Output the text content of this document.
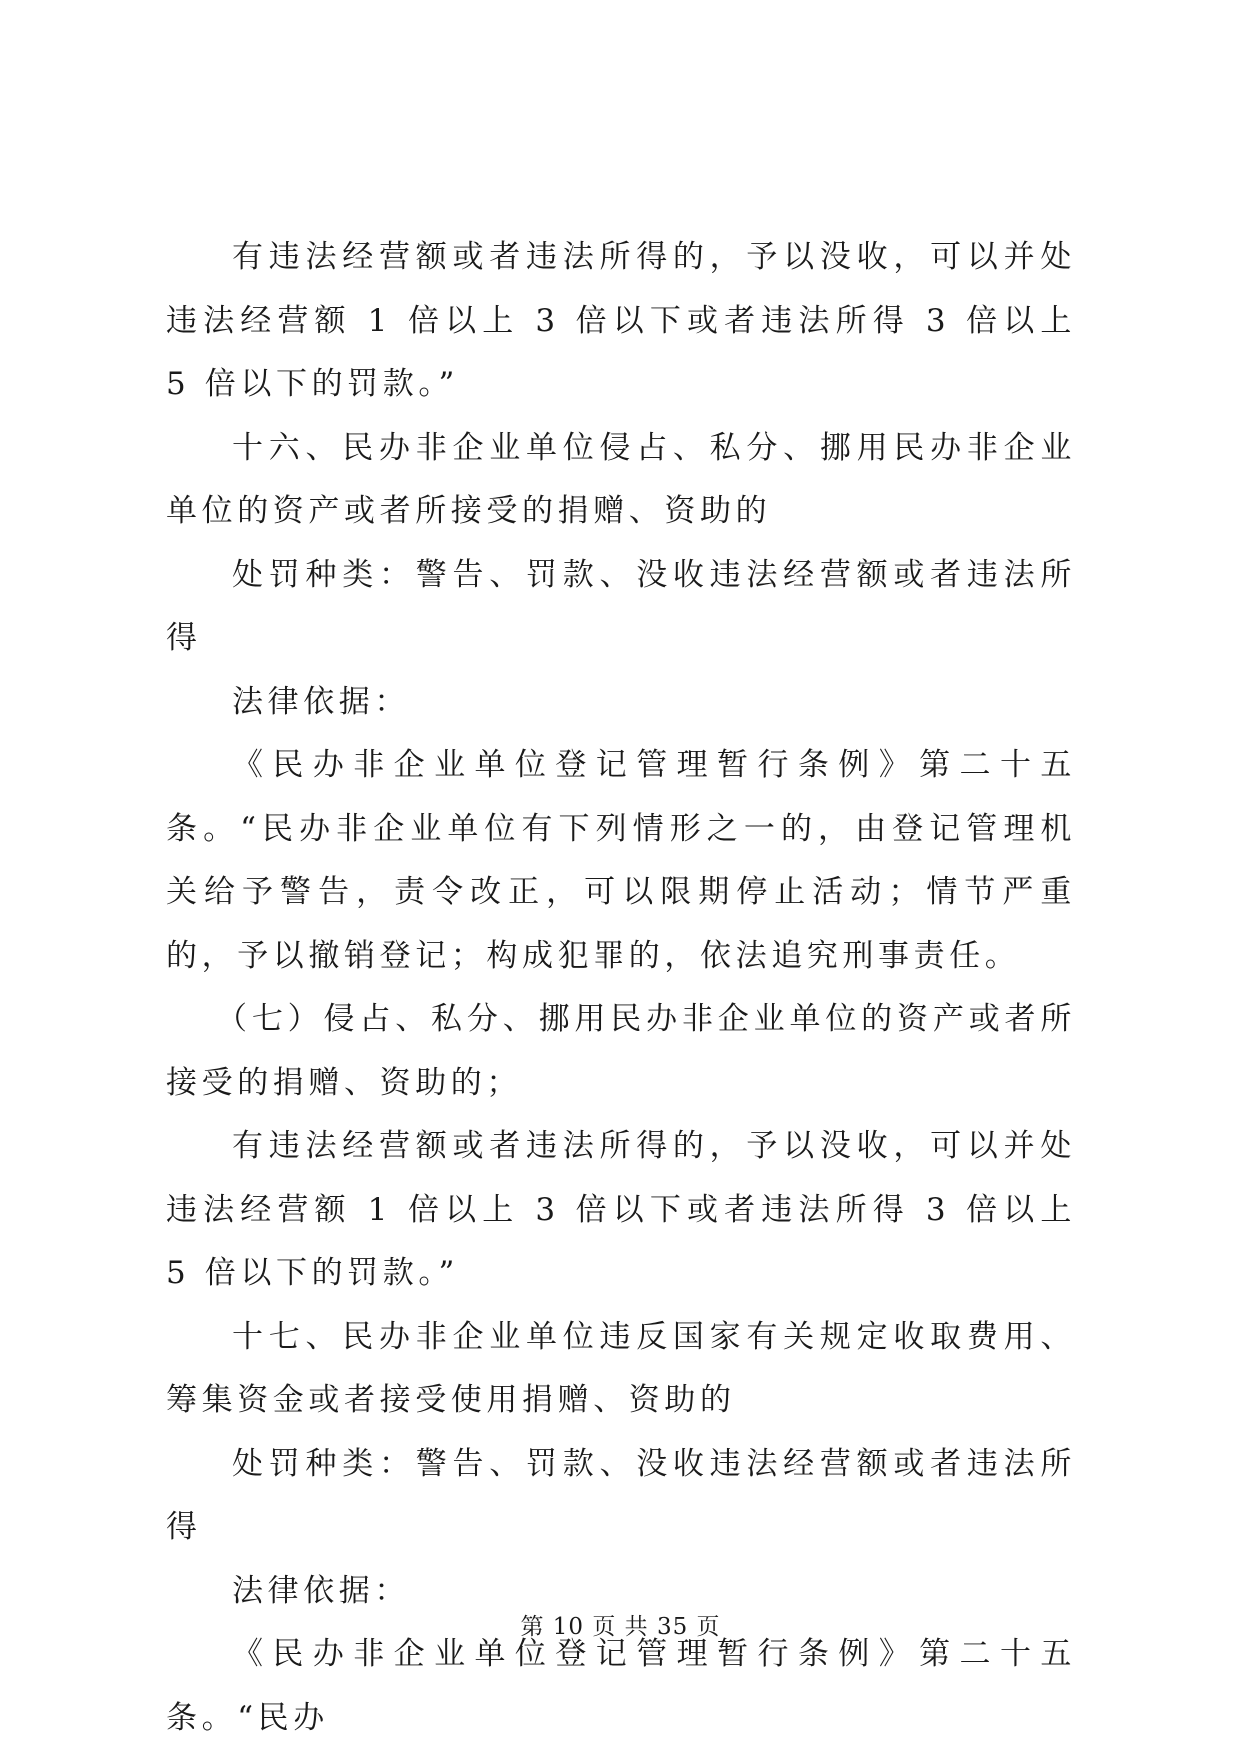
有违法经营额或者违法所得的，予以没收，可以并处违法经营额 1 倍以上 3 倍以下或者违法所得 3 倍以上 5 倍以下的罚款。”

十六、民办非企业单位侵占、私分、挪用民办非企业单位的资产或者所接受的捐赠、资助的

处罚种类：警告、罚款、没收违法经营额或者违法所得

法律依据：

《民办非企业单位登记管理暂行条例》第二十五条。“民办非企业单位有下列情形之一的，由登记管理机关给予警告，责令改正，可以限期停止活动；情节严重的，予以撤销登记；构成犯罪的，依法追究刑事责任。

（七）侵占、私分、挪用民办非企业单位的资产或者所接受的捐赠、资助的；

有违法经营额或者违法所得的，予以没收，可以并处违法经营额 1 倍以上 3 倍以下或者违法所得 3 倍以上 5 倍以下的罚款。”

十七、民办非企业单位违反国家有关规定收取费用、筹集资金或者接受使用捐赠、资助的

处罚种类：警告、罚款、没收违法经营额或者违法所得

法律依据：

《民办非企业单位登记管理暂行条例》第二十五条。“民办

第 10 页 共 35 页
